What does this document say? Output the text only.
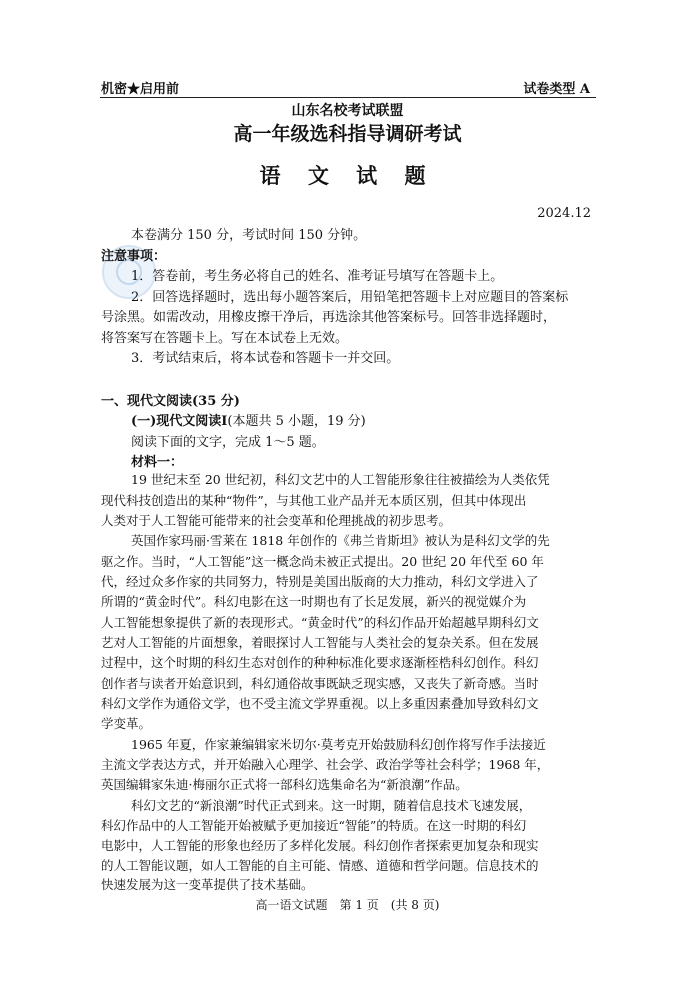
机密★启用前	试卷类型 A
山东名校考试联盟
高一年级选科指导调研考试
语 文 试 题
2024.12
本卷满分 150 分，考试时间 150 分钟。
注意事项：
1．答卷前，考生务必将自己的姓名、准考证号填写在答题卡上。
2．回答选择题时，选出每小题答案后，用铅笔把答题卡上对应题目的答案标
号涂黑。如需改动，用橡皮擦干净后，再选涂其他答案标号。回答非选择题时，
将答案写在答题卡上。写在本试卷上无效。
3．考试结束后，将本试卷和答题卡一并交回。
一、现代文阅读(35 分)
(一)现代文阅读Ⅰ(本题共 5 小题，19 分)
阅读下面的文字，完成 1～5 题。
材料一：
19 世纪末至 20 世纪初，科幻文艺中的人工智能形象往往被描绘为人类依凭
现代科技创造出的某种“物件”，与其他工业产品并无本质区别，但其中体现出
人类对于人工智能可能带来的社会变革和伦理挑战的初步思考。
英国作家玛丽·雪莱在 1818 年创作的《弗兰肯斯坦》被认为是科幻文学的先
驱之作。当时，“人工智能”这一概念尚未被正式提出。20 世纪 20 年代至 60 年
代，经过众多作家的共同努力，特别是美国出版商的大力推动，科幻文学进入了
所谓的“黄金时代”。科幻电影在这一时期也有了长足发展，新兴的视觉媒介为
人工智能想象提供了新的表现形式。“黄金时代”的科幻作品开始超越早期科幻文
艺对人工智能的片面想象，着眼探讨人工智能与人类社会的复杂关系。但在发展
过程中，这个时期的科幻生态对创作的种种标准化要求逐渐桎梏科幻创作。科幻
创作者与读者开始意识到，科幻通俗故事既缺乏现实感，又丧失了新奇感。当时
科幻文学作为通俗文学，也不受主流文学界重视。以上多重因素叠加导致科幻文
学变革。
1965 年夏，作家兼编辑家米切尔·莫考克开始鼓励科幻创作将写作手法接近
主流文学表达方式，并开始融入心理学、社会学、政治学等社会科学；1968 年，
英国编辑家朱迪·梅丽尔正式将一部科幻选集命名为“新浪潮”作品。
科幻文艺的“新浪潮”时代正式到来。这一时期，随着信息技术飞速发展，
科幻作品中的人工智能开始被赋予更加接近“智能”的特质。在这一时期的科幻
电影中，人工智能的形象也经历了多样化发展。科幻创作者探索更加复杂和现实
的人工智能议题，如人工智能的自主可能、情感、道德和哲学问题。信息技术的
快速发展为这一变革提供了技术基础。
高一语文试题　第 1 页　(共 8 页)
